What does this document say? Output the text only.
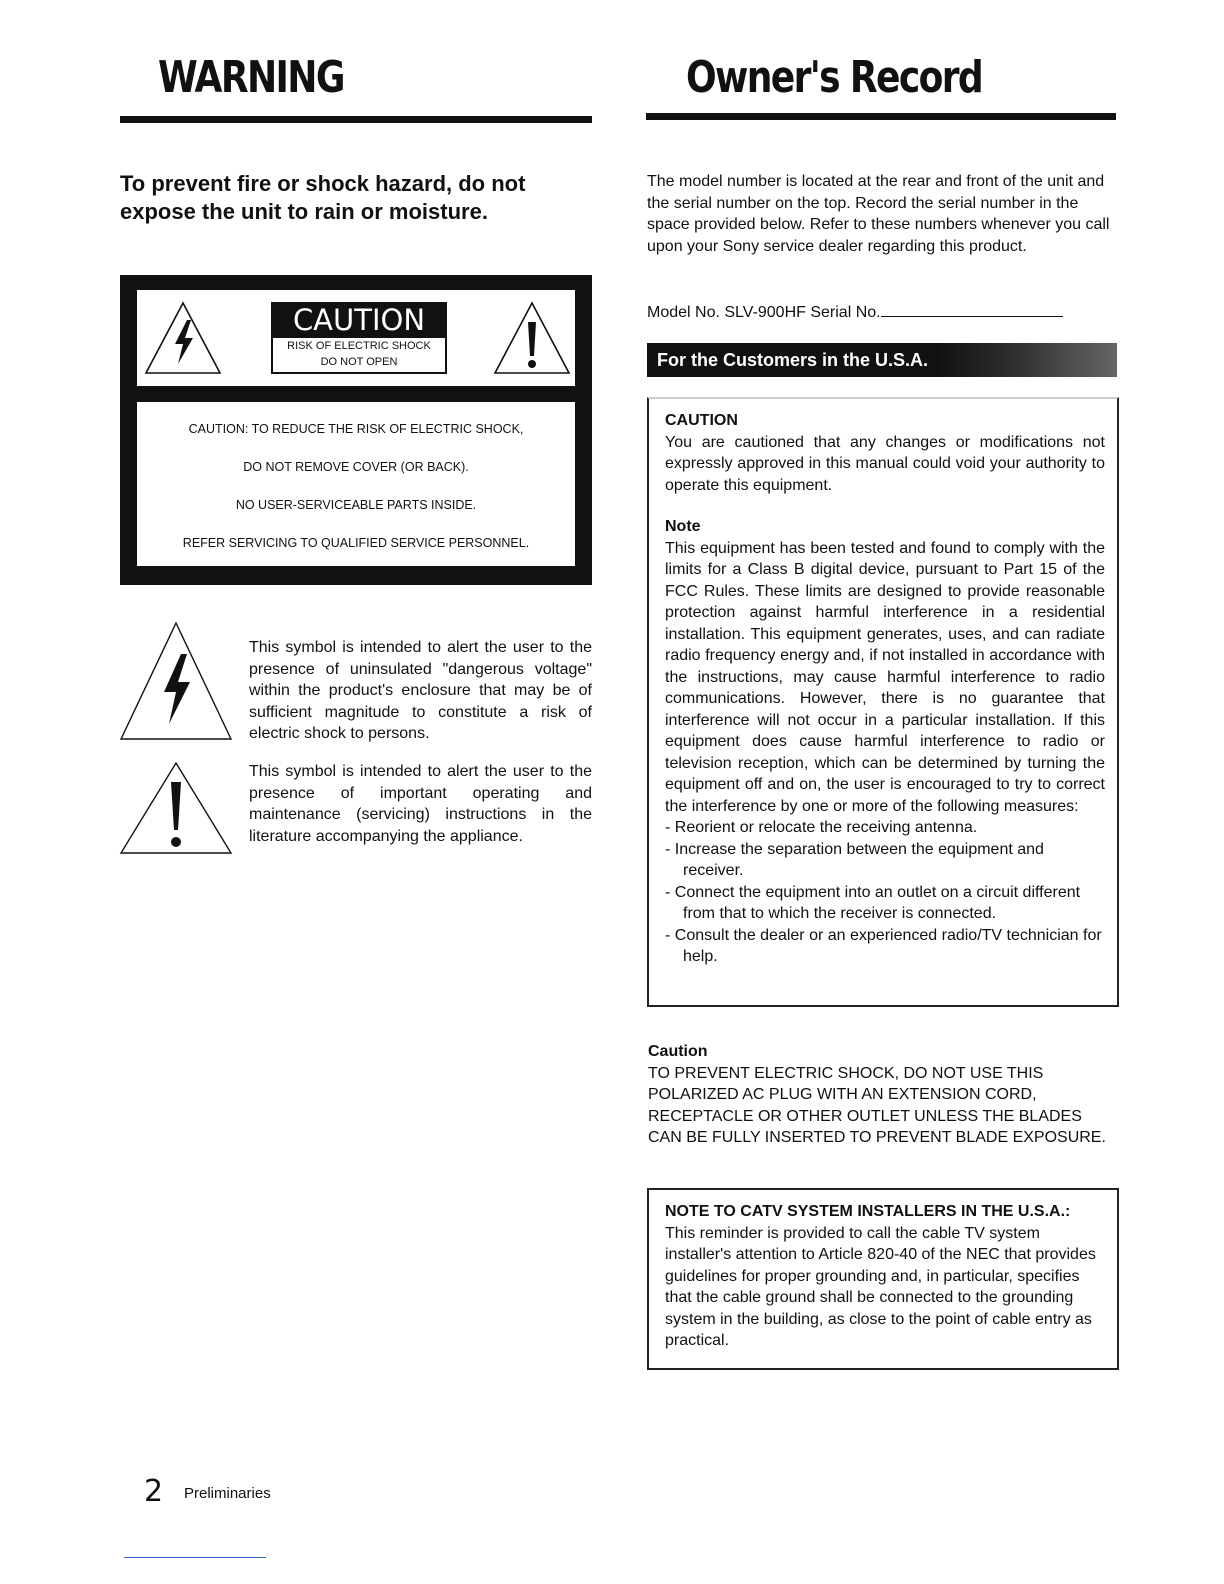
WARNING
To prevent fire or shock hazard, do not
expose the unit to rain or moisture.
CAUTION
RISK OF ELECTRIC SHOCK
DO NOT OPEN
CAUTION: TO REDUCE THE RISK OF ELECTRIC SHOCK,
DO NOT REMOVE COVER (OR BACK).
NO USER-SERVICEABLE PARTS INSIDE.
REFER SERVICING TO QUALIFIED SERVICE PERSONNEL.
This symbol is intended to alert the user to the presence of uninsulated "dangerous voltage" within the product's enclosure that may be of sufficient magnitude to constitute a risk of electric shock to persons.
This symbol is intended to alert the user to the presence of important operating and maintenance (servicing) instructions in the literature accompanying the appliance.
Owner's Record
The model number is located at the rear and front of the unit and the serial number on the top. Record the serial number in the space provided below. Refer to these numbers whenever you call upon your Sony service dealer regarding this product.
Model No. SLV-900HF Serial No.
For the Customers in the U.S.A.
CAUTION
You are cautioned that any changes or modifications not expressly approved in this manual could void your authority to operate this equipment.
Note
This equipment has been tested and found to comply with the limits for a Class B digital device, pursuant to Part 15 of the FCC Rules. These limits are designed to provide reasonable protection against harmful interference in a residential installation. This equipment generates, uses, and can radiate radio frequency energy and, if not installed in accordance with the instructions, may cause harmful interference to radio communications. However, there is no guarantee that interference will not occur in a particular installation. If this equipment does cause harmful interference to radio or television reception, which can be determined by turning the equipment off and on, the user is encouraged to try to correct the interference by one or more of the following measures:
- Reorient or relocate the receiving antenna.
- Increase the separation between the equipment and receiver.
- Connect the equipment into an outlet on a circuit different from that to which the receiver is connected.
- Consult the dealer or an experienced radio/TV technician for help.
Caution
TO PREVENT ELECTRIC SHOCK, DO NOT USE THIS POLARIZED AC PLUG WITH AN EXTENSION CORD, RECEPTACLE OR OTHER OUTLET UNLESS THE BLADES CAN BE FULLY INSERTED TO PREVENT BLADE EXPOSURE.
NOTE TO CATV SYSTEM INSTALLERS IN THE U.S.A.:
This reminder is provided to call the cable TV system installer's attention to Article 820-40 of the NEC that provides guidelines for proper grounding and, in particular, specifies that the cable ground shall be connected to the grounding system in the building, as close to the point of cable entry as practical.
2 Preliminaries
